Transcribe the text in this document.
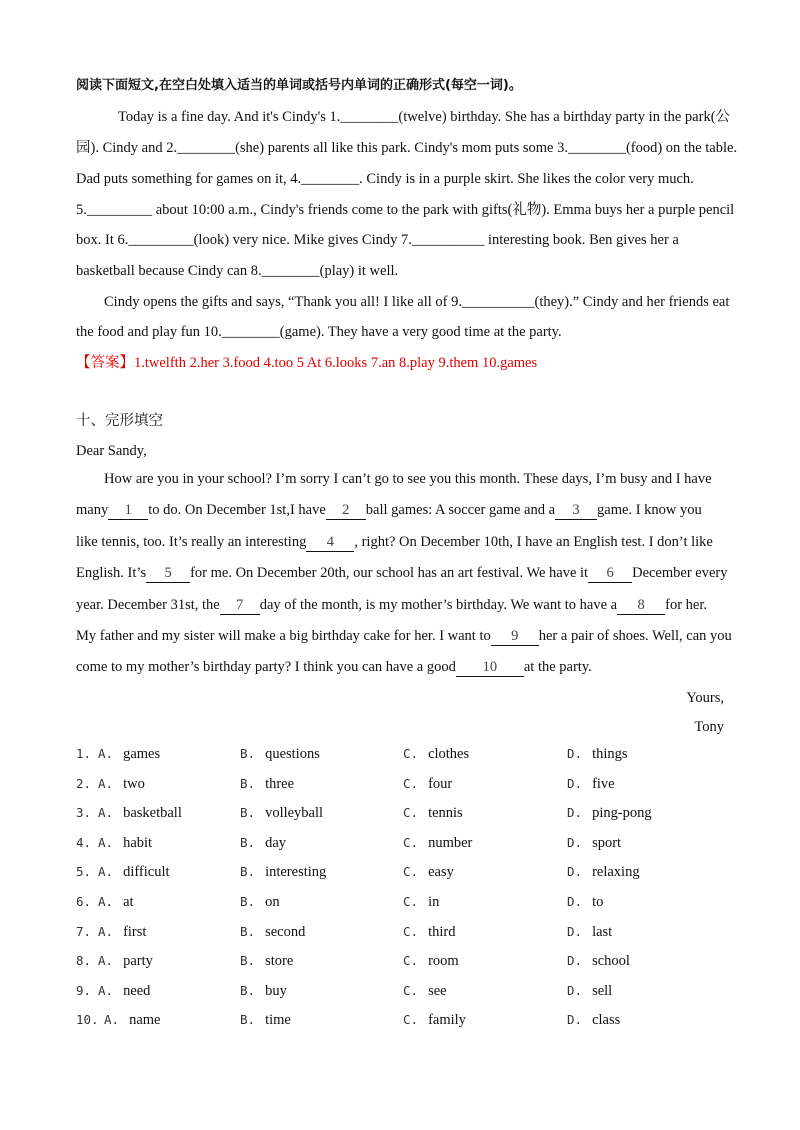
阅读下面短文,在空白处填入适当的单词或括号内单词的正确形式(每空一词)。
Today is a fine day. And it's Cindy's 1.________(twelve) birthday. She has a birthday party in the park(公
园). Cindy and 2.________(she) parents all like this park. Cindy's mom puts some 3.________(food) on the table.
Dad puts something for games on it, 4.________. Cindy is in a purple skirt. She likes the color very much.
5._________ about 10:00 a.m., Cindy's friends come to the park with gifts(礼物). Emma buys her a purple pencil
box. It 6._________(look) very nice. Mike gives Cindy 7.__________ interesting book. Ben gives her a
basketball because Cindy can 8.________(play) it well.
Cindy opens the gifts and says, “Thank you all! I like all of 9.__________(they).” Cindy and her friends eat
the food and play fun 10.________(game). They have a very good time at the party.
【答案】1.twelfth 2.her 3.food 4.too 5 At 6.looks 7.an 8.play 9.them 10.games
十、完形填空
Dear Sandy,
How are you in your school? I’m sorry I can’t go to see you this month. These days, I’m busy and I have
many 1 to do. On December 1st,I have 2 ball games: A soccer game and a 3 game. I know you
like tennis, too. It’s really an interesting 4 , right? On December 10th, I have an English test. I don’t like
English. It’s 5 for me. On December 20th, our school has an art festival. We have it 6 December every
year. December 31st, the 7 day of the month, is my mother’s birthday. We want to have a 8 for her.
My father and my sister will make a big birthday cake for her. I want to 9 her a pair of shoes. Well, can you
come to my mother’s birthday party? I think you can have a good 10 at the party.
Yours,
Tony
1. A. games	B. questions	C. clothes	D. things
2. A. two	B. three	C. four	D. five
3. A. basketball	B. volleyball	C. tennis	D. ping-pong
4. A. habit	B. day	C. number	D. sport
5. A. difficult	B. interesting	C. easy	D. relaxing
6. A. at	B. on	C. in	D. to
7. A. first	B. second	C. third	D. last
8. A. party	B. store	C. room	D. school
9. A. need	B. buy	C. see	D. sell
10. A. name	B. time	C. family	D. class
